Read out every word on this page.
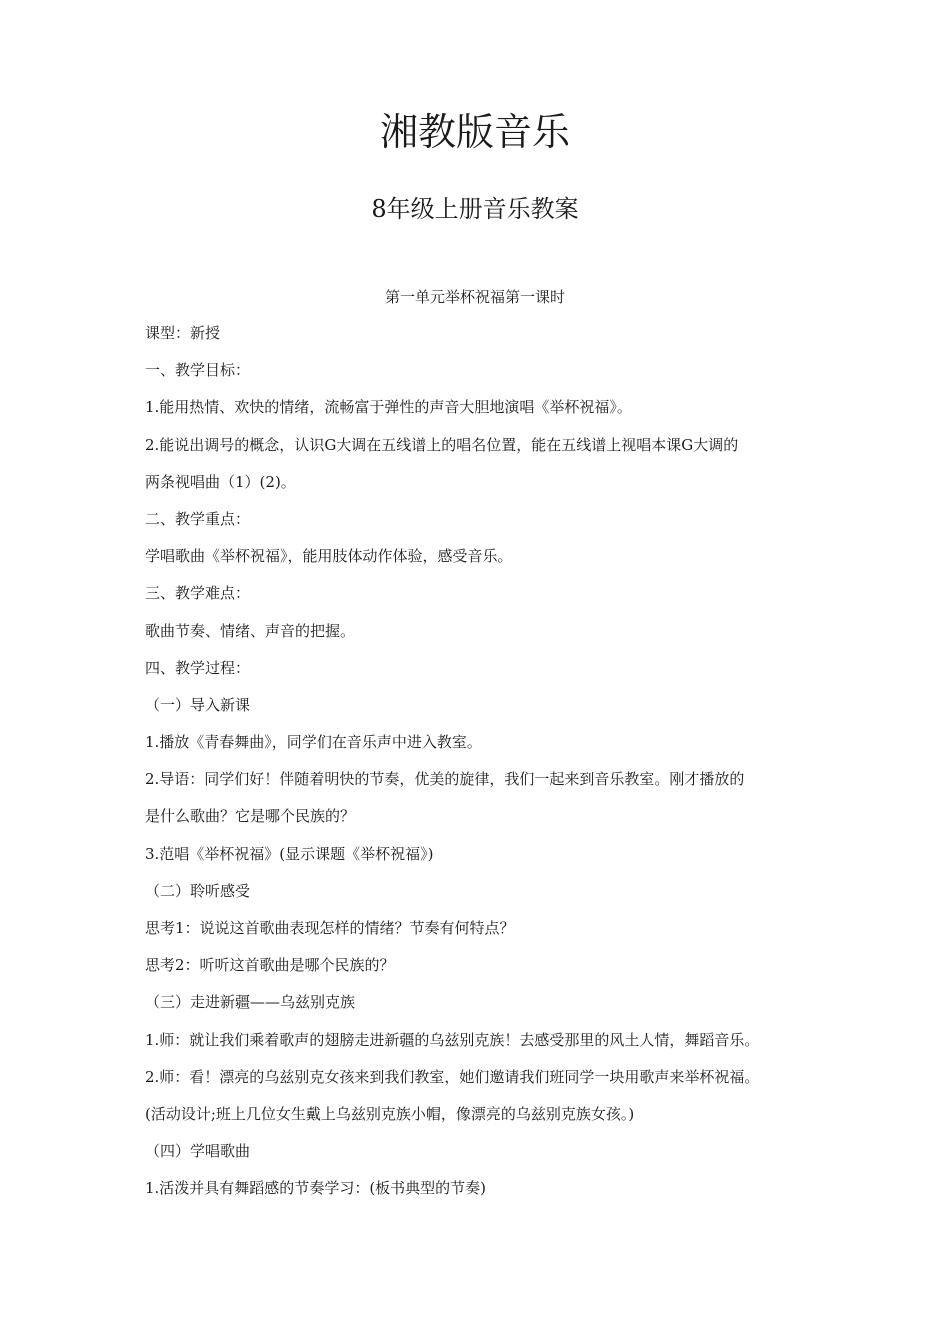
湘教版音乐
8年级上册音乐教案

第一单元举杯祝福第一课时

课型：新授

一、教学目标：

1.能用热情、欢快的情绪，流畅富于弹性的声音大胆地演唱《举杯祝福》。

2.能说出调号的概念，认识G大调在五线谱上的唱名位置，能在五线谱上视唱本课G大调的

两条视唱曲（1）(2)。

二、教学重点：

学唱歌曲《举杯祝福》，能用肢体动作体验，感受音乐。

三、教学难点：

歌曲节奏、情绪、声音的把握。

四、教学过程：

（一）导入新课

1.播放《青春舞曲》，同学们在音乐声中进入教室。

2.导语：同学们好！伴随着明快的节奏，优美的旋律，我们一起来到音乐教室。刚才播放的

是什么歌曲？它是哪个民族的？

3.范唱《举杯祝福》(显示课题《举杯祝福》)

（二）聆听感受

思考1：说说这首歌曲表现怎样的情绪？节奏有何特点？

思考2：听听这首歌曲是哪个民族的？

（三）走进新疆——乌兹别克族

1.师：就让我们乘着歌声的翅膀走进新疆的乌兹别克族！去感受那里的风土人情，舞蹈音乐。

2.师：看！漂亮的乌兹别克女孩来到我们教室，她们邀请我们班同学一块用歌声来举杯祝福。

(活动设计;班上几位女生戴上乌兹别克族小帽，像漂亮的乌兹别克族女孩。)

（四）学唱歌曲

1.活泼并具有舞蹈感的节奏学习：(板书典型的节奏)
